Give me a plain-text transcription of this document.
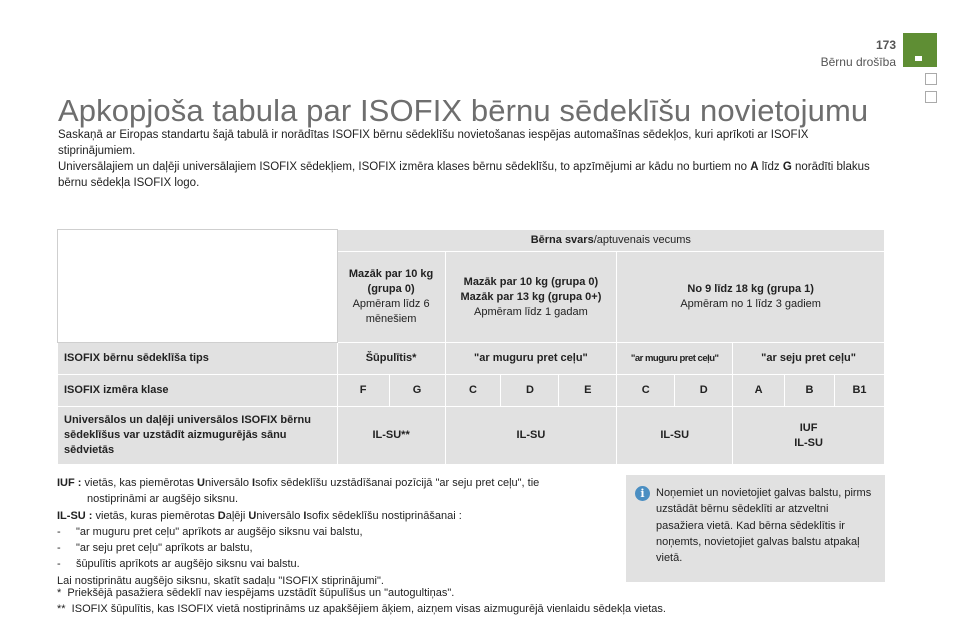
173
Bērnu drošība
Apkopjoša tabula par ISOFIX bērnu sēdeklīšu novietojumu

Saskaņā ar Eiropas standartu šajā tabulā ir norādītas ISOFIX bērnu sēdeklīšu novietošanas iespējas automašīnas sēdekļos, kuri aprīkoti ar ISOFIX stiprinājumiem.

Universālajiem un daļēji universālajiem ISOFIX sēdekļiem, ISOFIX izmēra klases bērnu sēdeklīšu, to apzīmējumi ar kādu no burtiem no A līdz G norādīti blakus bērnu sēdekļa ISOFIX logo.

	Bērna svars/aptuvenais vecums									
	Mazāk par 10 kg (grupa 0)
Apmēram līdz 6 mēnešiem		Mazāk par 10 kg (grupa 0)
Mazāk par 13 kg (grupa 0+)
Apmēram līdz 1 gadam			No 9 līdz 18 kg (grupa 1)
Apmēram no 1 līdz 3 gadiem				
ISOFIX bērnu sēdeklīša tips	Šūpulītis*		"ar muguru pret ceļu"			"ar muguru pret ceļu"		"ar seju pret ceļu"		
ISOFIX izmēra klase	F	G	C	D	E	C	D	A	B	B1
Universālos un daļēji universālos ISOFIX bērnu sēdeklīšus var uzstādīt aizmugurējās sānu sēdvietās	IL-SU**		IL-SU			IL-SU		IUF
IL-SU		
IUF : vietās, kas piemērotas Universālo Isofix sēdeklīšu uzstādīšanai pozīcijā "ar seju pret ceļu", tie
nostiprināmi ar augšējo siksnu.
IL-SU : vietās, kuras piemērotas Daļēji Universālo Isofix sēdeklīšu nostiprināšanai :
-     "ar muguru pret ceļu" aprīkots ar augšējo siksnu vai balstu,
-     "ar seju pret ceļu" aprīkots ar balstu,
-     šūpulītis aprīkots ar augšējo siksnu vai balstu.
Lai nostiprinātu augšējo siksnu, skatīt sadaļu "ISOFIX stiprinājumi".
*  Priekšējā pasažiera sēdeklī nav iespējams uzstādīt šūpulīšus un "autogultiņas".
**  ISOFIX šūpulītis, kas ISOFIX vietā nostiprināms uz apakšējiem āķiem, aizņem visas aizmugurējā vienlaidu sēdekļa vietas.
i	Noņemiet un novietojiet galvas balstu, pirms uzstādāt bērnu sēdeklīti ar atzveltni pasažiera vietā. Kad bērna sēdeklītis ir noņemts, novietojiet galvas balstu atpakaļ vietā.
